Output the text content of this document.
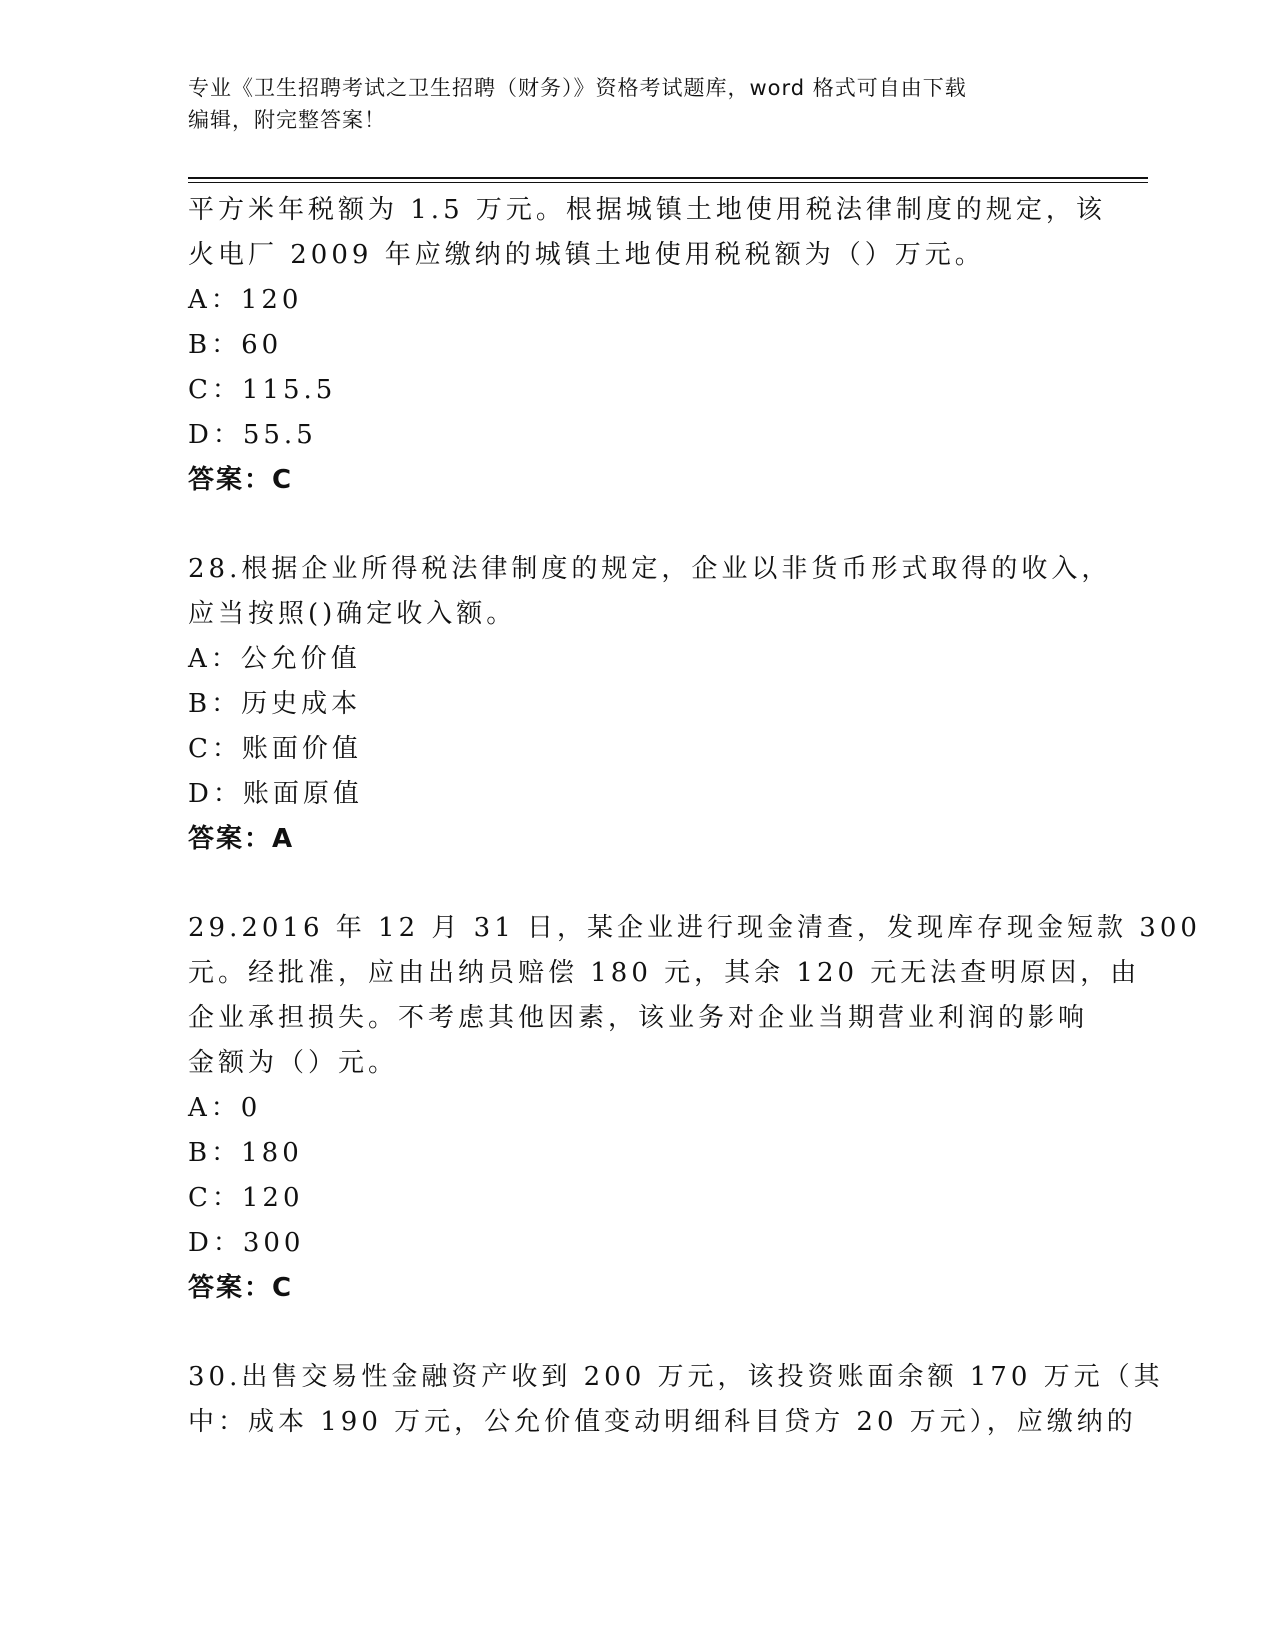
专业《卫生招聘考试之卫生招聘（财务）》资格考试题库，word 格式可自由下载
编辑，附完整答案！
平方米年税额为 1.5 万元。根据城镇土地使用税法律制度的规定，该
火电厂 2009 年应缴纳的城镇土地使用税税额为（）万元。
A：120
B：60
C：115.5
D：55.5
答案：C
28.根据企业所得税法律制度的规定，企业以非货币形式取得的收入，
应当按照()确定收入额。
A：公允价值
B：历史成本
C：账面价值
D：账面原值
答案：A
29.2016 年 12 月 31 日，某企业进行现金清查，发现库存现金短款 300
元。经批准，应由出纳员赔偿 180 元，其余 120 元无法查明原因，由
企业承担损失。不考虑其他因素，该业务对企业当期营业利润的影响
金额为（）元。
A：0
B：180
C：120
D：300
答案：C
30.出售交易性金融资产收到 200 万元，该投资账面余额 170 万元（其
中：成本 190 万元，公允价值变动明细科目贷方 20 万元），应缴纳的
